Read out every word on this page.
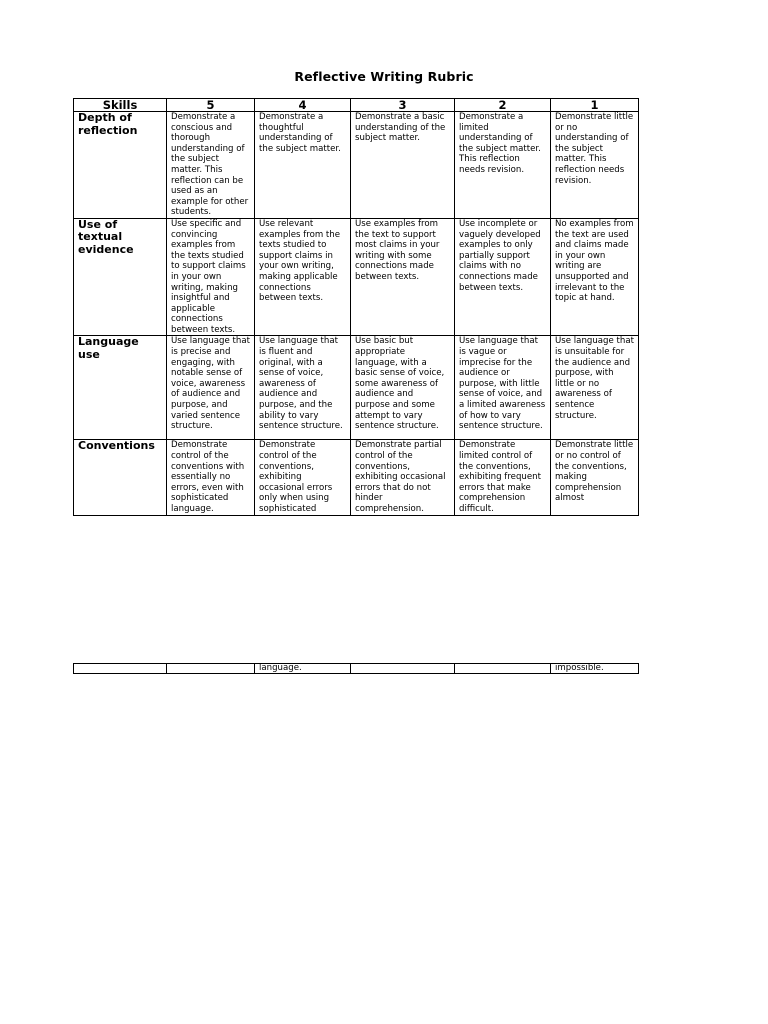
Reflective Writing Rubric
Skills	5	4	3	2	1
Depth of reflection	Demonstrate a conscious and thorough understanding of the subject matter. This reflection can be used as an example for other students.	Demonstrate a thoughtful understanding of the subject matter.	Demonstrate a basic understanding of the subject matter.	Demonstrate a limited understanding of the subject matter. This reflection needs revision.	Demonstrate little or no understanding of the subject matter. This reflection needs revision.
Use of textual evidence	Use specific and convincing examples from the texts studied to support claims in your own writing, making insightful and applicable connections between texts.	Use relevant examples from the texts studied to support claims in your own writing, making applicable connections between texts.	Use examples from the text to support most claims in your writing with some connections made between texts.	Use incomplete or vaguely developed examples to only partially support claims with no connections made between texts.	No examples from the text are used and claims made in your own writing are unsupported and irrelevant to the topic at hand.
Language use	Use language that is precise and engaging, with notable sense of voice, awareness of audience and purpose, and varied sentence structure.	Use language that is fluent and original, with a sense of voice, awareness of audience and purpose, and the ability to vary sentence structure.	Use basic but appropriate language, with a basic sense of voice, some awareness of audience and purpose and some attempt to vary sentence structure.	Use language that is vague or imprecise for the audience or purpose, with little sense of voice, and a limited awareness of how to vary sentence structure.	Use language that is unsuitable for the audience and purpose, with little or no awareness of sentence structure.
Conventions	Demonstrate control of the conventions with essentially no errors, even with sophisticated language.	Demonstrate control of the conventions, exhibiting occasional errors only when using sophisticated	Demonstrate partial control of the conventions, exhibiting occasional errors that do not hinder comprehension.	Demonstrate limited control of the conventions, exhibiting frequent errors that make comprehension difficult.	Demonstrate little or no control of the conventions, making comprehension almost
		language.			impossible.
